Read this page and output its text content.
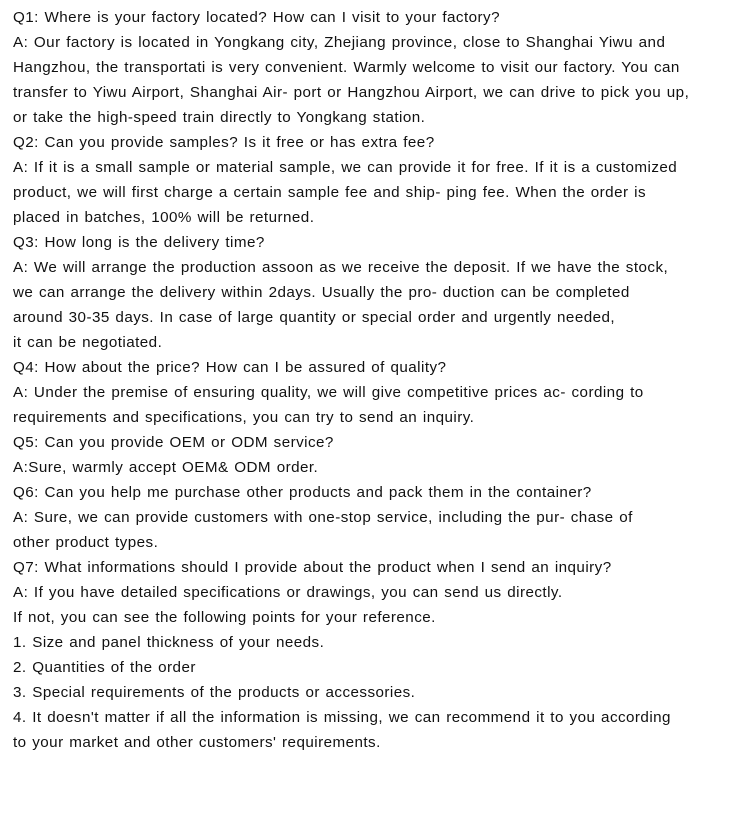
Q1: Where is your factory located? How can I visit to your factory?
A: Our factory is located in Yongkang city, Zhejiang province, close to Shanghai Yiwu and
Hangzhou, the transportati is very convenient. Warmly welcome to visit our factory. You can
transfer to Yiwu Airport, Shanghai Air- port or Hangzhou Airport, we can drive to pick you up,
or take the high-speed train directly to Yongkang station.
Q2: Can you provide samples? Is it free or has extra fee?
A: If it is a small sample or material sample, we can provide it for free. If it is a customized
product, we will first charge a certain sample fee and ship- ping fee. When the order is
placed in batches, 100% will be returned.
Q3: How long is the delivery time?
A: We will arrange the production assoon as we receive the deposit. If we have the stock,
we can arrange the delivery within 2days. Usually the pro- duction can be completed
around 30-35 days. In case of large quantity or special order and urgently needed,
it can be negotiated.
Q4: How about the price? How can I be assured of quality?
A: Under the premise of ensuring quality, we will give competitive prices ac- cording to
requirements and specifications, you can try to send an inquiry.
Q5: Can you provide OEM or ODM service?
A:Sure, warmly accept OEM& ODM order.
Q6: Can you help me purchase other products and pack them in the container?
A: Sure, we can provide customers with one-stop service, including the pur- chase of
other product types.
Q7: What informations should I provide about the product when I send an inquiry?
A: If you have detailed specifications or drawings, you can send us directly.
If not, you can see the following points for your reference.
1. Size and panel thickness of your needs.
2. Quantities of the order
3. Special requirements of the products or accessories.
4. It doesn't matter if all the information is missing, we can recommend it to you according
to your market and other customers' requirements.
